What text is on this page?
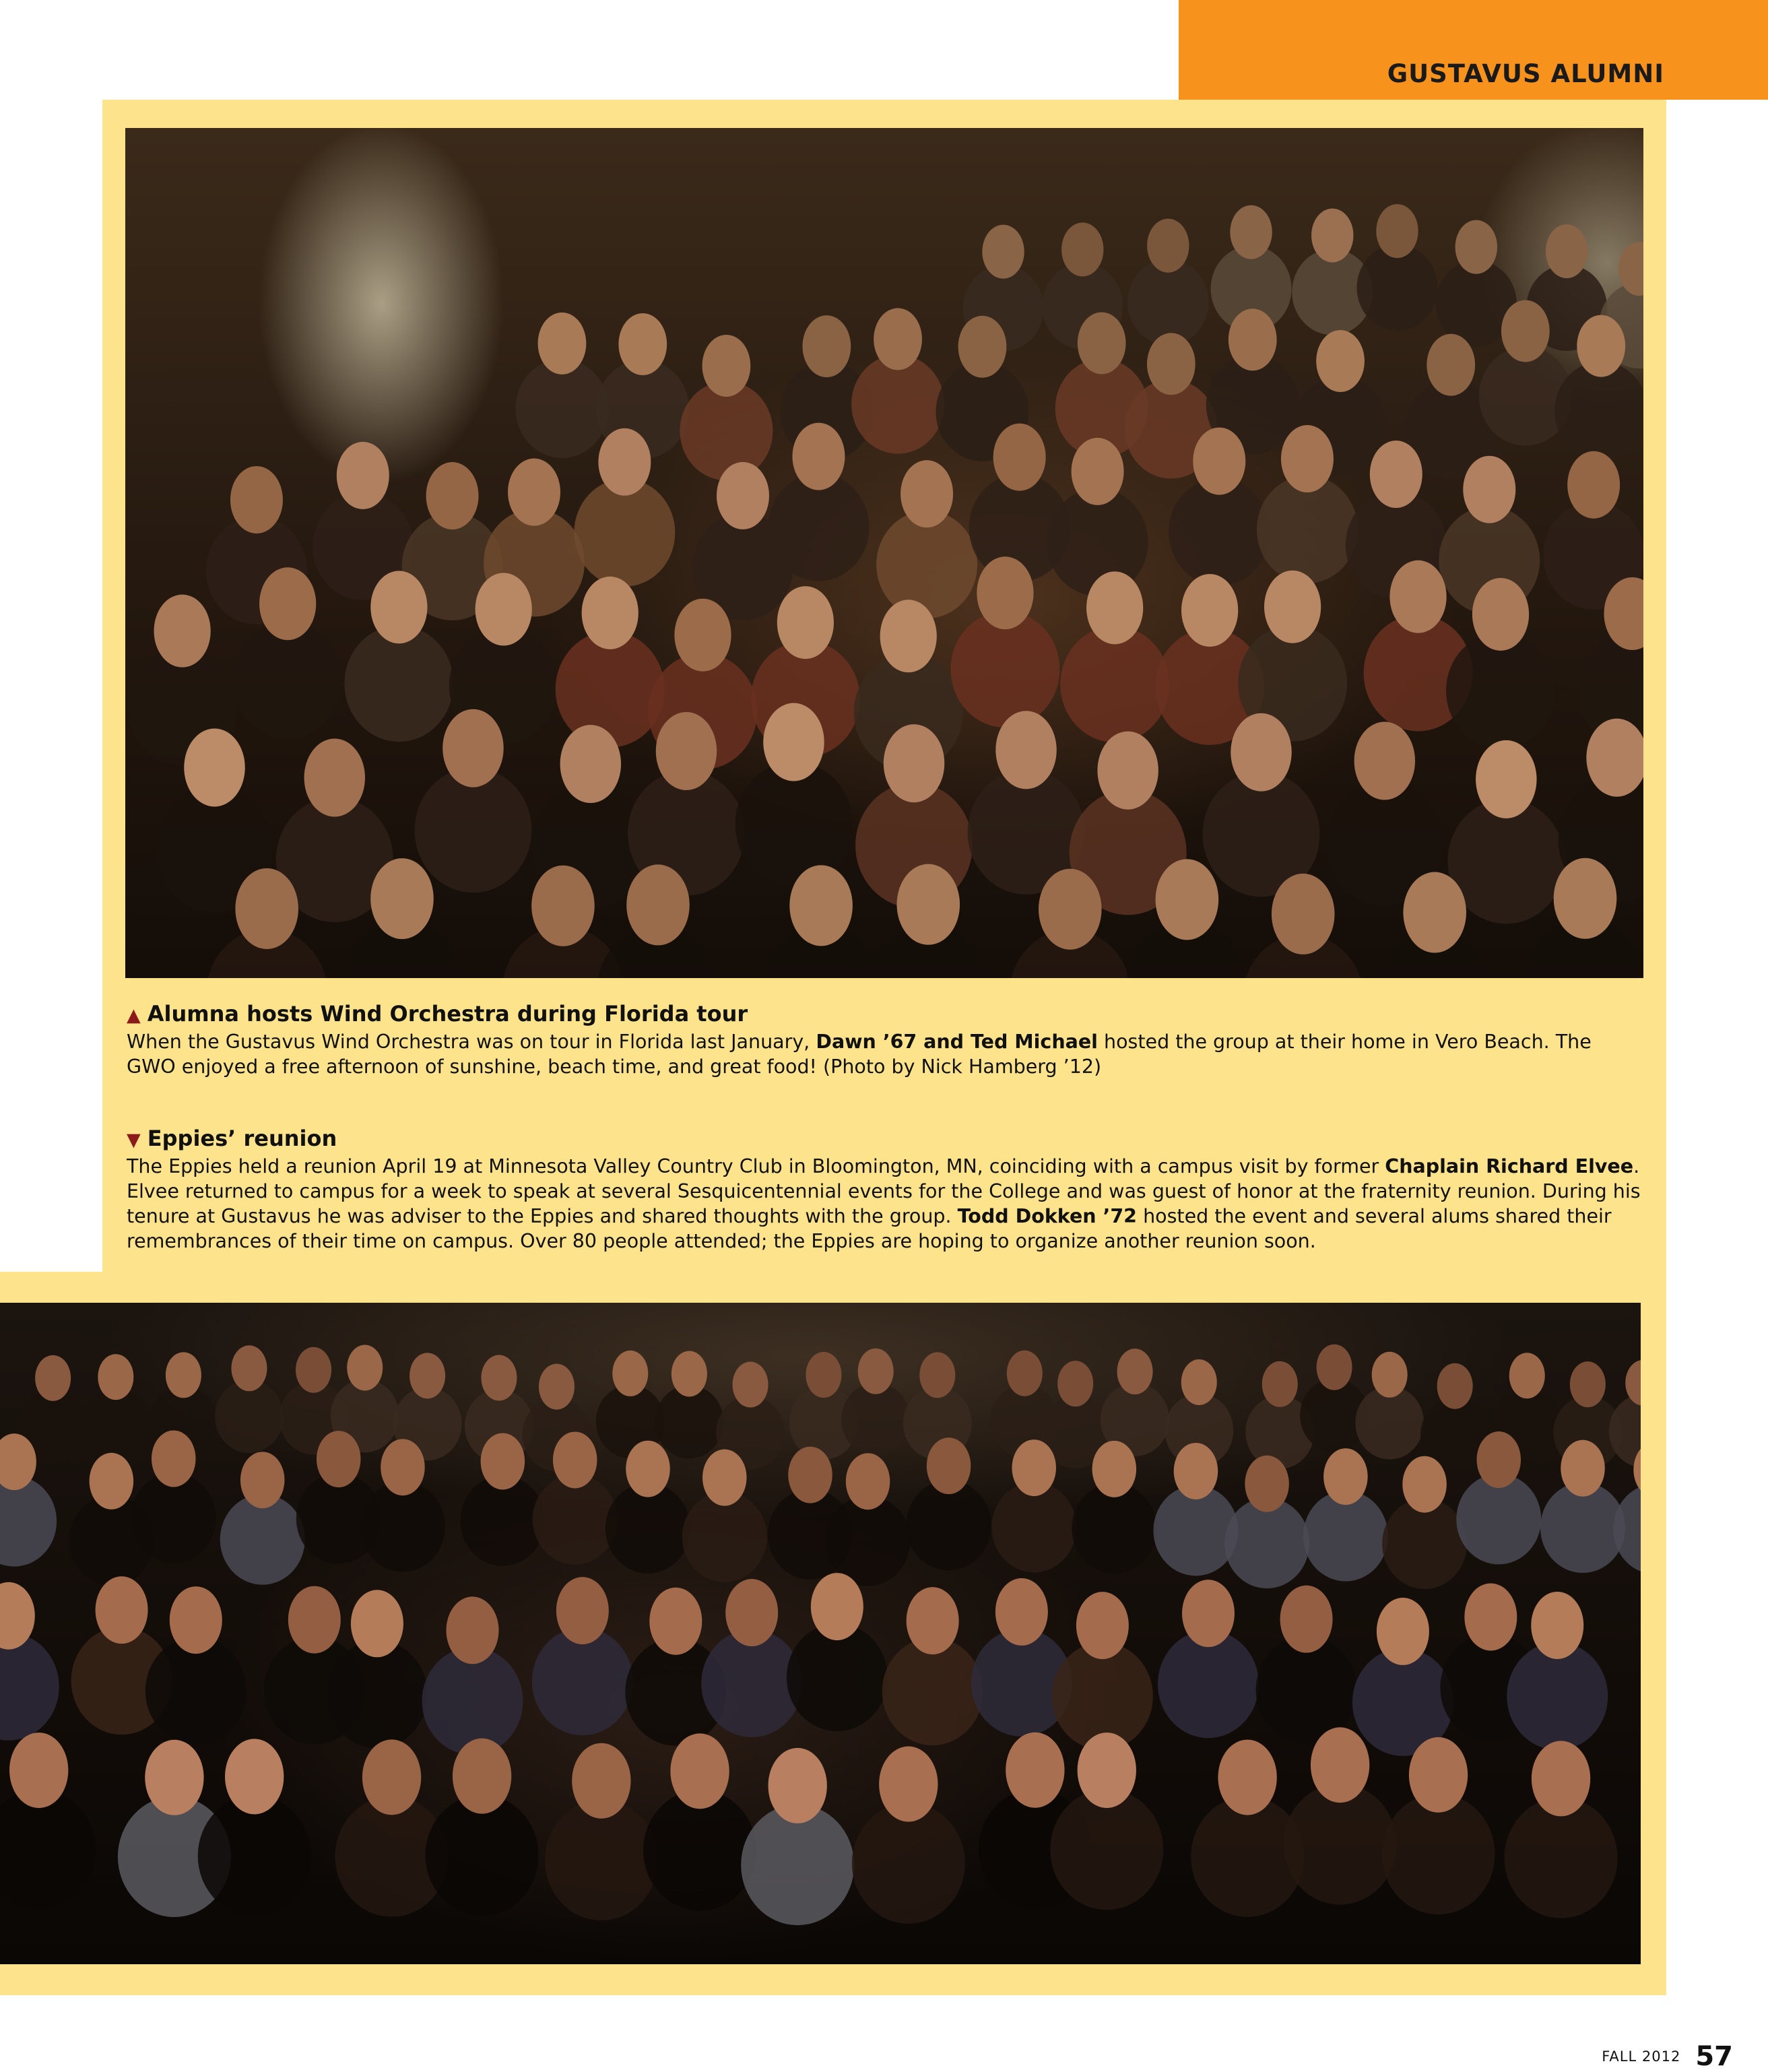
GUSTAVUS ALUMNI
▲ Alumna hosts Wind Orchestra during Florida tour
When the Gustavus Wind Orchestra was on tour in Florida last January, Dawn ’67 and Ted Michael hosted the group at their home in Vero Beach. The GWO enjoyed a free afternoon of sunshine, beach time, and great food! (Photo by Nick Hamberg ’12)
▼ Eppies’ reunion
The Eppies held a reunion April 19 at Minnesota Valley Country Club in Bloomington, MN, coinciding with a campus visit by former Chaplain Richard Elvee. Elvee returned to campus for a week to speak at several Sesquicentennial events for the College and was guest of honor at the fraternity reunion. During his tenure at Gustavus he was adviser to the Eppies and shared thoughts with the group. Todd Dokken ’72 hosted the event and several alums shared their remembrances of their time on campus. Over 80 people attended; the Eppies are hoping to organize another reunion soon.
FALL 2012 57
